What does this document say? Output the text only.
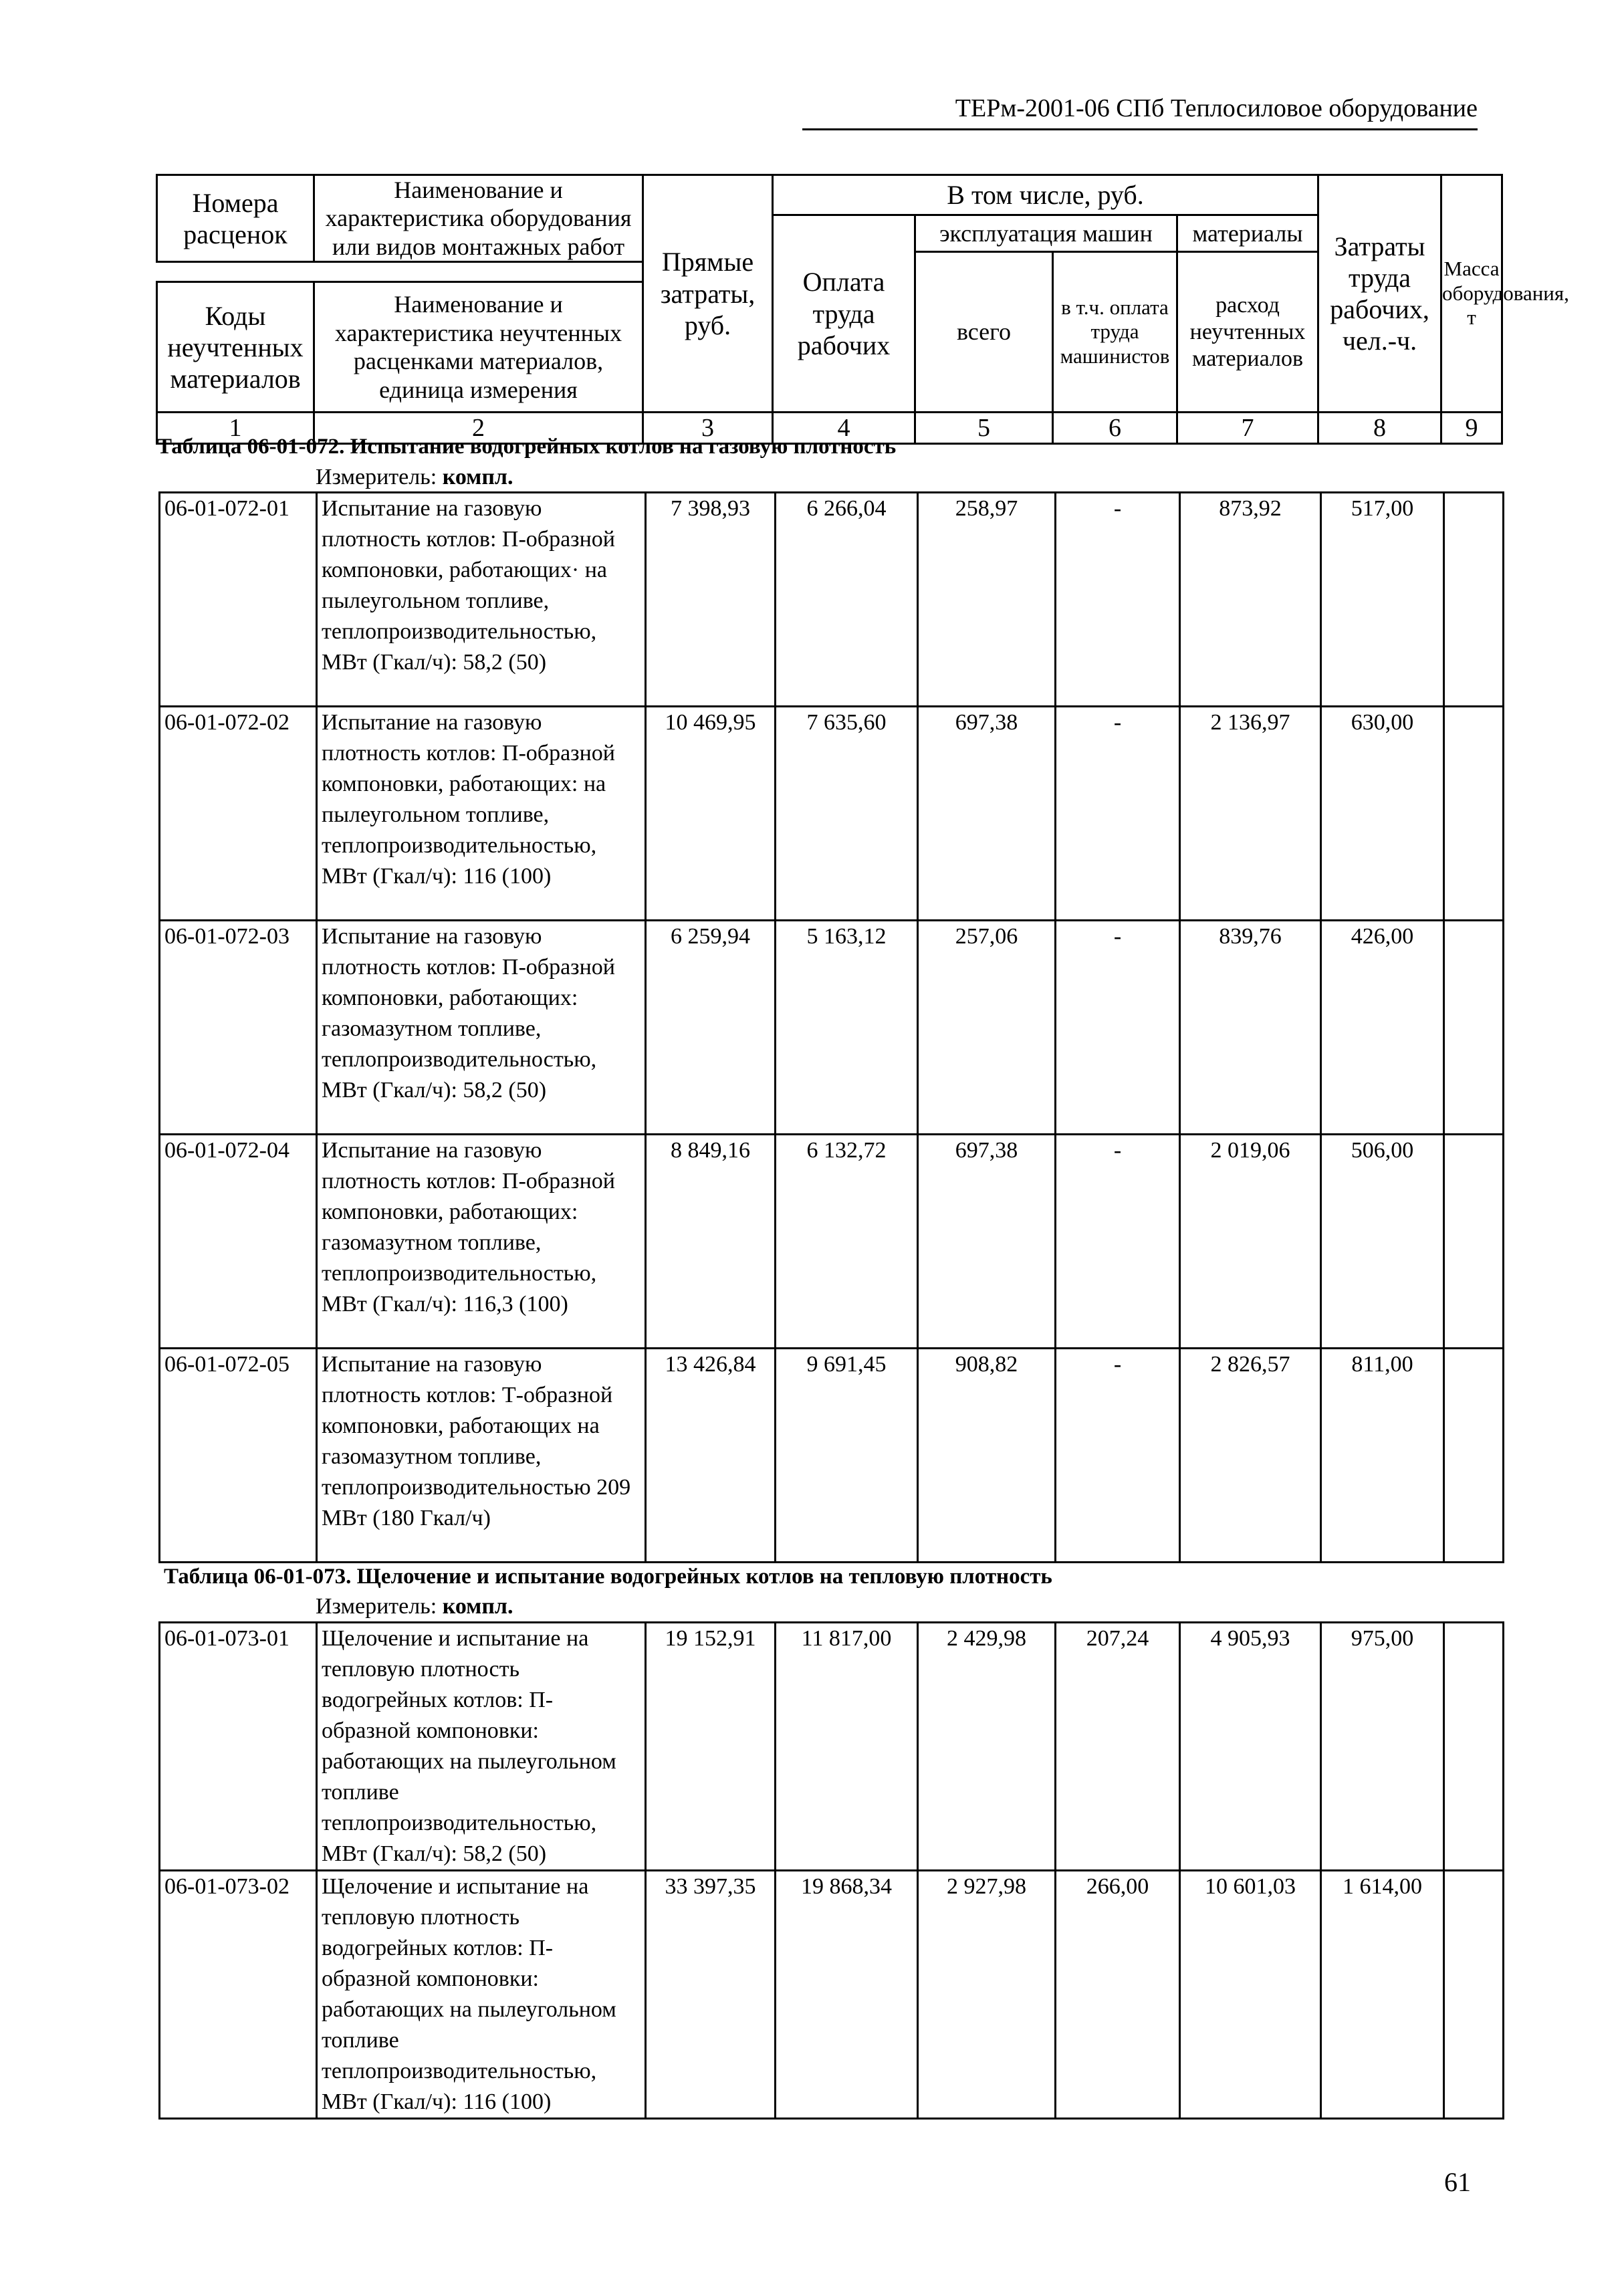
ТЕРм-2001-06 СПб Теплосиловое оборудование
Номера расценок	Наименование и характеристика оборудования или видов монтажных работ	Прямые затраты, руб.	В том числе, руб.				Затраты труда рабочих, чел.-ч.	Масса оборудования, т
			Оплата труда рабочих	эксплуатация машин		материалы		
				всего	в т.ч. оплата труда машинистов	расход неучтенных материалов		

Коды неучтенных материалов	Наименование и характеристика неучтенных расценками материалов, единица измерения							

1	2	3	4	5	6	7	8	9
Таблица 06-01-072. Испытание водогрейных котлов на газовую плотность
Измеритель: компл.
06-01-072-01	Испытание на газовую плотность котлов: П-образной компоновки, работающих· на пылеугольном топливе, теплопроизводительностью, МВт (Гкал/ч): 58,2 (50)	7 398,93	6 266,04	258,97	-	873,92	517,00	
06-01-072-02	Испытание на газовую плотность котлов: П-образной компоновки, работающих: на пылеугольном топливе, теплопроизводительностью, МВт (Гкал/ч): 116 (100)	10 469,95	7 635,60	697,38	-	2 136,97	630,00	
06-01-072-03	Испытание на газовую плотность котлов: П-образной компоновки, работающих: газомазутном топливе, теплопроизводительностью, МВт (Гкал/ч): 58,2 (50)	6 259,94	5 163,12	257,06	-	839,76	426,00	
06-01-072-04	Испытание на газовую плотность котлов: П-образной компоновки, работающих: газомазутном топливе, теплопроизводительностью, МВт (Гкал/ч): 116,3 (100)	8 849,16	6 132,72	697,38	-	2 019,06	506,00	
06-01-072-05	Испытание на газовую плотность котлов: Т-образной компоновки, работающих на газомазутном топливе, теплопроизводительностью 209 МВт (180 Гкал/ч)	13 426,84	9 691,45	908,82	-	2 826,57	811,00	
Таблица 06-01-073. Щелочение и испытание водогрейных котлов на тепловую плотность
Измеритель: компл.
06-01-073-01	Щелочение и испытание на тепловую плотность водогрейных котлов: П-образной компоновки: работающих на пылеугольном топливе теплопроизводительностью, МВт (Гкал/ч): 58,2 (50)	19 152,91	11 817,00	2 429,98	207,24	4 905,93	975,00	
06-01-073-02	Щелочение и испытание на тепловую плотность водогрейных котлов: П-образной компоновки: работающих на пылеугольном топливе теплопроизводительностью, МВт (Гкал/ч): 116 (100)	33 397,35	19 868,34	2 927,98	266,00	10 601,03	1 614,00	
61
